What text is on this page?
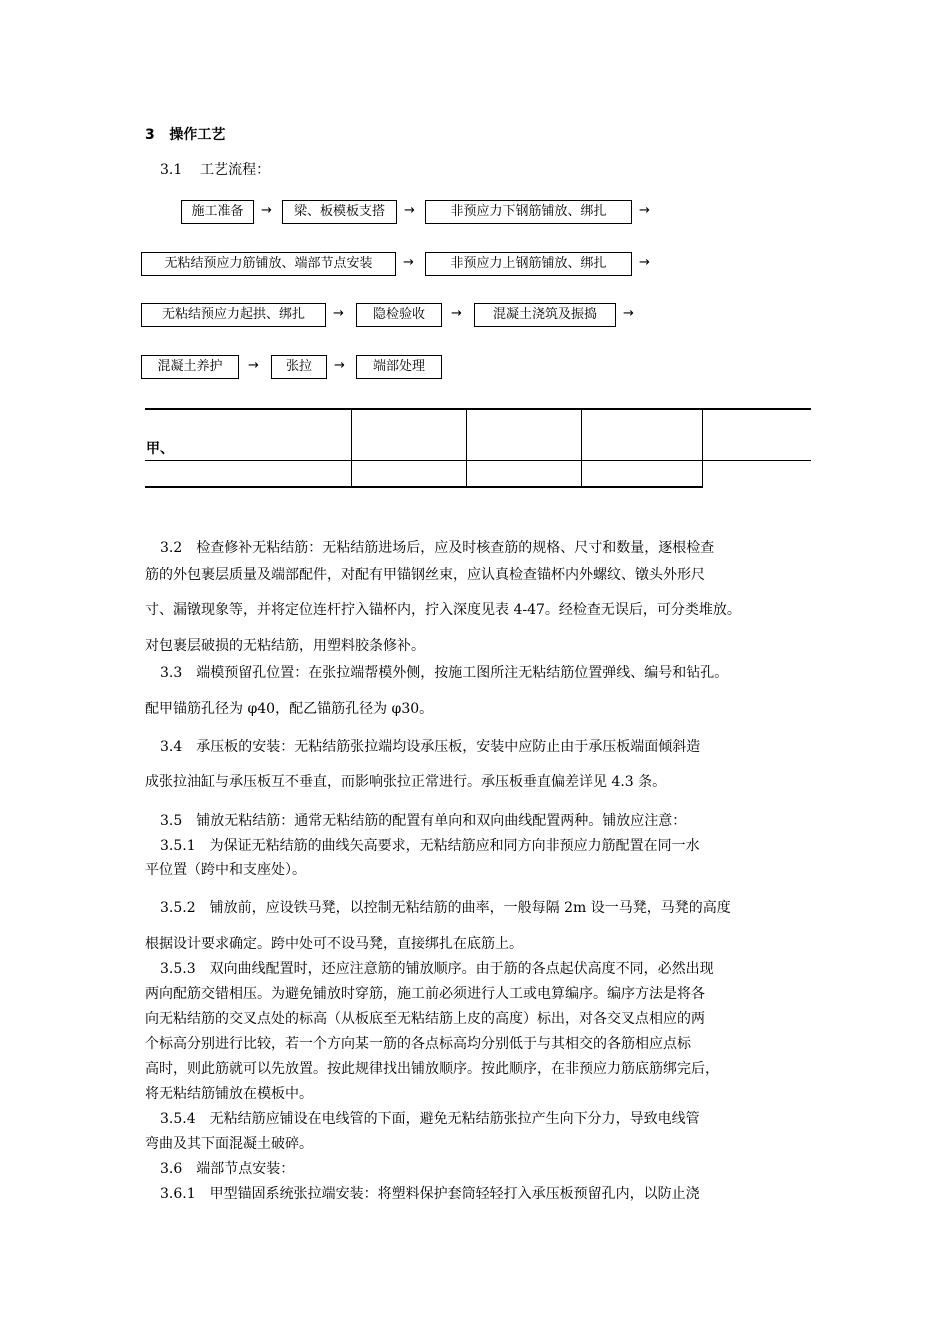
3 操作工艺
3.1 工艺流程：
施工准备	→	梁、板模板支搭	→	非预应力下钢筋铺放、绑扎	→
无粘结预应力筋铺放、端部节点安装	→	非预应力上钢筋铺放、绑扎	→
无粘结预应力起拱、绑扎	→	隐检验收	→	混凝土浇筑及振捣	→
混凝土养护	→	张拉	→	端部处理
甲、
3.2　检查修补无粘结筋：无粘结筋进场后，应及时核查筋的规格、尺寸和数量，逐根检查
筋的外包裹层质量及端部配件，对配有甲锚钢丝束，应认真检查锚杯内外螺纹、镦头外形尺
寸、漏镦现象等，并将定位连杆拧入锚杯内，拧入深度见表 4-47。经检查无误后，可分类堆放。
对包裹层破损的无粘结筋，用塑料胶条修补。
3.3　端模预留孔位置：在张拉端帮模外侧，按施工图所注无粘结筋位置弹线、编号和钻孔。
配甲锚筋孔径为 φ40，配乙锚筋孔径为 φ30。
3.4　承压板的安装：无粘结筋张拉端均设承压板，安装中应防止由于承压板端面倾斜造
成张拉油缸与承压板互不垂直，而影响张拉正常进行。承压板垂直偏差详见 4.3 条。
3.5　铺放无粘结筋：通常无粘结筋的配置有单向和双向曲线配置两种。铺放应注意：
3.5.1　为保证无粘结筋的曲线矢高要求，无粘结筋应和同方向非预应力筋配置在同一水
平位置（跨中和支座处）。
3.5.2　铺放前，应设铁马凳，以控制无粘结筋的曲率，一般每隔 2m 设一马凳，马凳的高度
根据设计要求确定。跨中处可不设马凳，直接绑扎在底筋上。
3.5.3　双向曲线配置时，还应注意筋的铺放顺序。由于筋的各点起伏高度不同，必然出现
两向配筋交错相压。为避免铺放时穿筋，施工前必须进行人工或电算编序。编序方法是将各
向无粘结筋的交叉点处的标高（从板底至无粘结筋上皮的高度）标出，对各交叉点相应的两
个标高分别进行比较，若一个方向某一筋的各点标高均分别低于与其相交的各筋相应点标
高时，则此筋就可以先放置。按此规律找出铺放顺序。按此顺序，在非预应力筋底筋绑完后，
将无粘结筋铺放在模板中。
3.5.4　无粘结筋应铺设在电线管的下面，避免无粘结筋张拉产生向下分力，导致电线管
弯曲及其下面混凝土破碎。
3.6　端部节点安装：
3.6.1　甲型锚固系统张拉端安装：将塑料保护套筒轻轻打入承压板预留孔内，以防止浇
